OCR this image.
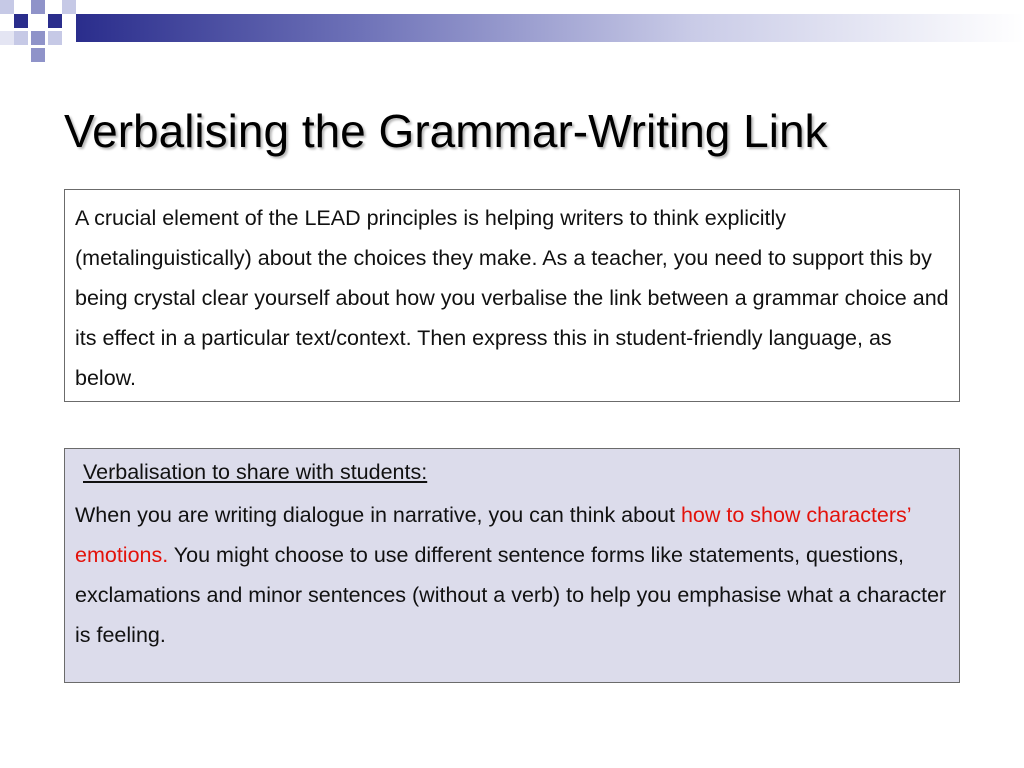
Verbalising the Grammar-Writing Link

A crucial element of the LEAD principles is helping writers to think explicitly (metalinguistically) about the choices they make. As a teacher, you need to support this by being crystal clear yourself about how you verbalise the link between a grammar choice and its effect in a particular text/context. Then express this in student-friendly language, as below.

Verbalisation to share with students:

When you are writing dialogue in narrative, you can think about how to show characters’ emotions. You might choose to use different sentence forms like statements, questions, exclamations and minor sentences (without a verb) to help you emphasise what a character is feeling.
